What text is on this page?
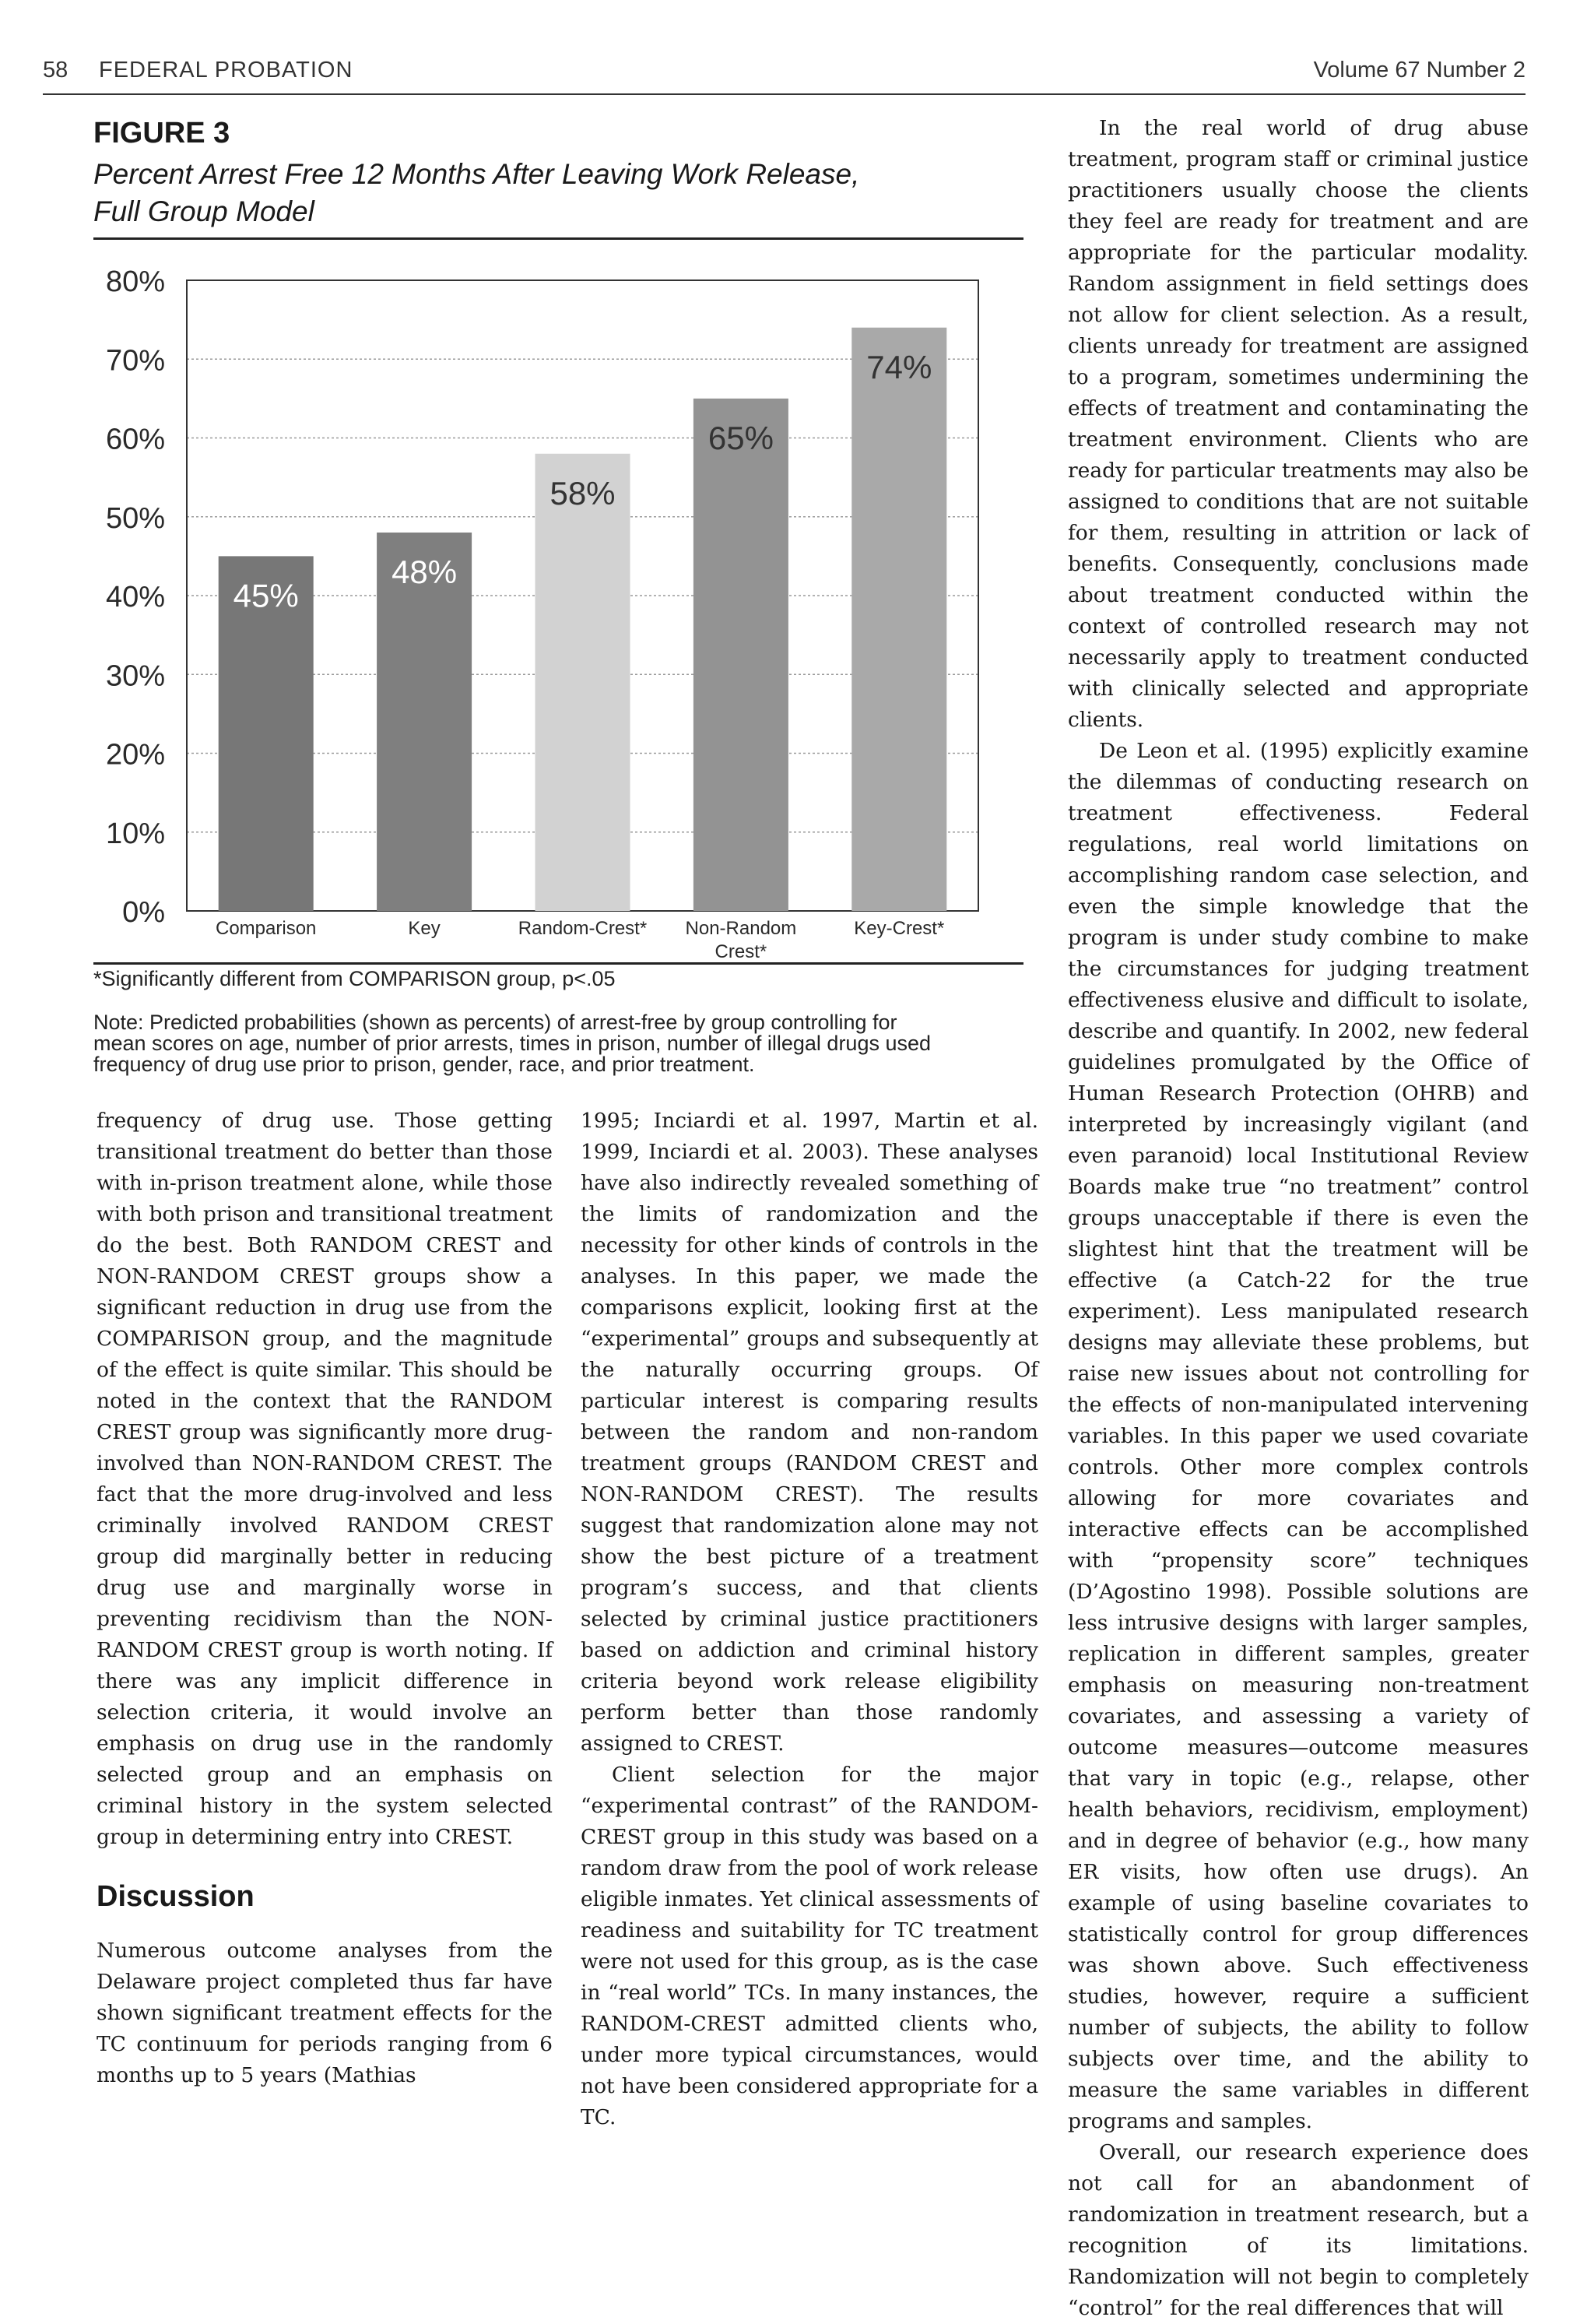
58 FEDERAL PROBATION	Volume 67 Number 2
FIGURE 3
Percent Arrest Free 12 Months After Leaving Work Release,
Full Group Model
0%
10%
20%
30%
40%
50%
60%
70%
80%
45%
Comparison
48%
Key
58%
Random-Crest*
65%
Non-Random
Crest*
74%
Key-Crest*
*Significantly different from COMPARISON group, p<.05
Note: Predicted probabilities (shown as percents) of arrest-free by group controlling for
mean scores on age, number of prior arrests, times in prison, number of illegal drugs used
frequency of drug use prior to prison, gender, race, and prior treatment.

frequency of drug use. Those getting transitional treatment do better than those with in-prison treatment alone, while those with both prison and transitional treatment do the best. Both RANDOM CREST and NON-RANDOM CREST groups show a significant reduction in drug use from the COMPARISON group, and the magnitude of the effect is quite similar. This should be noted in the context that the RANDOM CREST group was significantly more drug-involved than NON-RANDOM CREST. The fact that the more drug-involved and less criminally involved RANDOM CREST group did marginally better in reducing drug use and marginally worse in preventing recidivism than the NON-RANDOM CREST group is worth noting. If there was any implicit difference in selection criteria, it would involve an emphasis on drug use in the randomly selected group and an emphasis on criminal history in the system selected group in determining entry into CREST.

Discussion

Numerous outcome analyses from the Delaware project completed thus far have shown significant treatment effects for the TC continuum for periods ranging from 6 months up to 5 years (Mathias

1995; Inciardi et al. 1997, Martin et al. 1999, Inciardi et al. 2003). These analyses have also indirectly revealed something of the limits of randomization and the necessity for other kinds of controls in the analyses. In this paper, we made the comparisons explicit, looking first at the “experimental” groups and subsequently at the naturally occurring groups. Of particular interest is comparing results between the random and non-random treatment groups (RANDOM CREST and NON-RANDOM CREST). The results suggest that randomization alone may not show the best picture of a treatment program’s success, and that clients selected by criminal justice practitioners based on addiction and criminal history criteria beyond work release eligibility perform better than those randomly assigned to CREST.

Client selection for the major “experimental contrast” of the RANDOM-CREST group in this study was based on a random draw from the pool of work release eligible inmates. Yet clinical assessments of readiness and suitability for TC treatment were not used for this group, as is the case in “real world” TCs. In many instances, the RANDOM-CREST admitted clients who, under more typical circumstances, would not have been considered appropriate for a TC.

In the real world of drug abuse treatment, program staff or criminal justice practitioners usually choose the clients they feel are ready for treatment and are appropriate for the particular modality. Random assignment in field settings does not allow for client selection. As a result, clients unready for treatment are assigned to a program, sometimes undermining the effects of treatment and contaminating the treatment environment. Clients who are ready for particular treatments may also be assigned to conditions that are not suitable for them, resulting in attrition or lack of benefits. Consequently, conclusions made about treatment conducted within the context of controlled research may not necessarily apply to treatment conducted with clinically selected and appropriate clients.

De Leon et al. (1995) explicitly examine the dilemmas of conducting research on treatment effectiveness. Federal regulations, real world limitations on accomplishing random case selection, and even the simple knowledge that the program is under study combine to make the circumstances for judging treatment effectiveness elusive and difficult to isolate, describe and quantify. In 2002, new federal guidelines promulgated by the Office of Human Research Protection (OHRB) and interpreted by increasingly vigilant (and even paranoid) local Institutional Review Boards make true “no treatment” control groups unacceptable if there is even the slightest hint that the treatment will be effective (a Catch-22 for the true experiment). Less manipulated research designs may alleviate these problems, but raise new issues about not controlling for the effects of non-manipulated intervening variables. In this paper we used covariate controls. Other more complex controls allowing for more covariates and interactive effects can be accomplished with “propensity score” techniques (D’Agostino 1998). Possible solutions are less intrusive designs with larger samples, replication in different samples, greater emphasis on measuring non-treatment covariates, and assessing a variety of outcome measures—outcome measures that vary in topic (e.g., relapse, other health behaviors, recidivism, employment) and in degree of behavior (e.g., how many ER visits, how often use drugs). An example of using baseline covariates to statistically control for group differences was shown above. Such effectiveness studies, however, require a sufficient number of subjects, the ability to follow subjects over time, and the ability to measure the same variables in different programs and samples.

Overall, our research experience does not call for an abandonment of randomization in treatment research, but a recognition of its limitations. Randomization will not begin to completely “control” for the real differences that will
